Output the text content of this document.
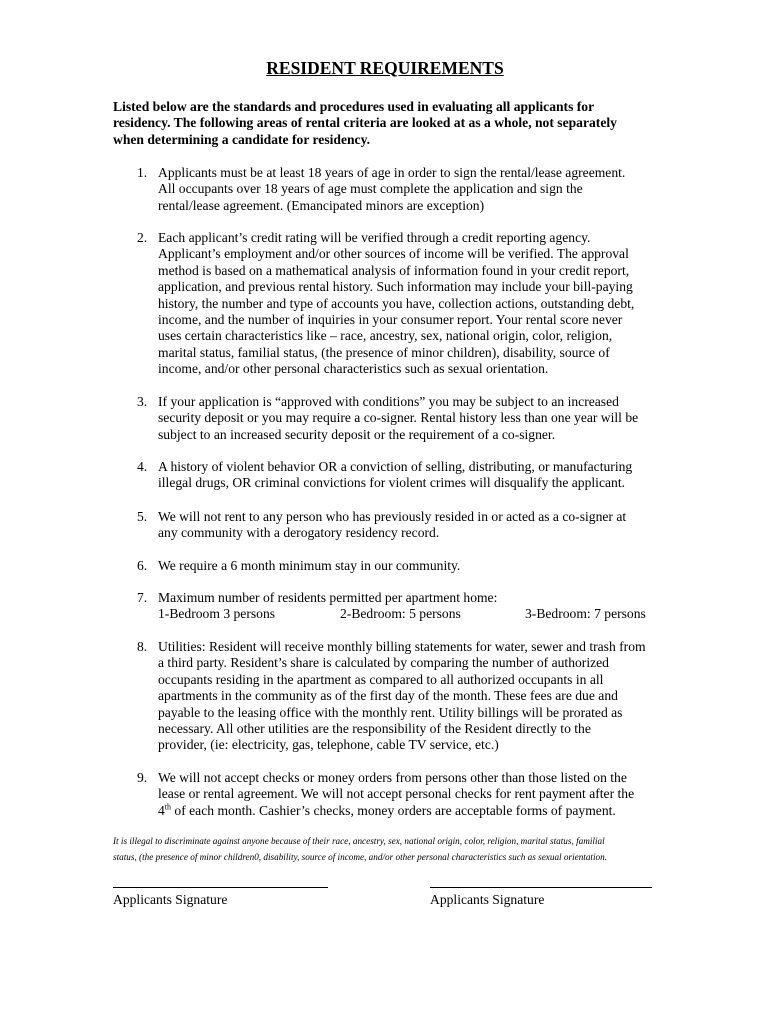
RESIDENT REQUIREMENTS
Listed below are the standards and procedures used in evaluating all applicants for
residency. The following areas of rental criteria are looked at as a whole, not separately
when determining a candidate for residency.
1. Applicants must be at least 18 years of age in order to sign the rental/lease agreement.
All occupants over 18 years of age must complete the application and sign the
rental/lease agreement. (Emancipated minors are exception)
2. Each applicant’s credit rating will be verified through a credit reporting agency.
Applicant’s employment and/or other sources of income will be verified. The approval
method is based on a mathematical analysis of information found in your credit report,
application, and previous rental history. Such information may include your bill-paying
history, the number and type of accounts you have, collection actions, outstanding debt,
income, and the number of inquiries in your consumer report. Your rental score never
uses certain characteristics like – race, ancestry, sex, national origin, color, religion,
marital status, familial status, (the presence of minor children), disability, source of
income, and/or other personal characteristics such as sexual orientation.
3. If your application is “approved with conditions” you may be subject to an increased
security deposit or you may require a co-signer. Rental history less than one year will be
subject to an increased security deposit or the requirement of a co-signer.
4. A history of violent behavior OR a conviction of selling, distributing, or manufacturing
illegal drugs, OR criminal convictions for violent crimes will disqualify the applicant.
5. We will not rent to any person who has previously resided in or acted as a co-signer at
any community with a derogatory residency record.
6. We require a 6 month minimum stay in our community.
7. Maximum number of residents permitted per apartment home:
1-Bedroom 3 persons	2-Bedroom: 5 persons	3-Bedroom: 7 persons
8. Utilities: Resident will receive monthly billing statements for water, sewer and trash from
a third party. Resident’s share is calculated by comparing the number of authorized
occupants residing in the apartment as compared to all authorized occupants in all
apartments in the community as of the first day of the month. These fees are due and
payable to the leasing office with the monthly rent. Utility billings will be prorated as
necessary. All other utilities are the responsibility of the Resident directly to the
provider, (ie: electricity, gas, telephone, cable TV service, etc.)
9. We will not accept checks or money orders from persons other than those listed on the
lease or rental agreement. We will not accept personal checks for rent payment after the
4th of each month. Cashier’s checks, money orders are acceptable forms of payment.
It is illegal to discriminate against anyone because of their race, ancestry, sex, national origin, color, religion, marital status, familial
status, (the presence of minor children0, disability, source of income, and/or other personal characteristics such as sexual orientation.
Applicants Signature	Applicants Signature
